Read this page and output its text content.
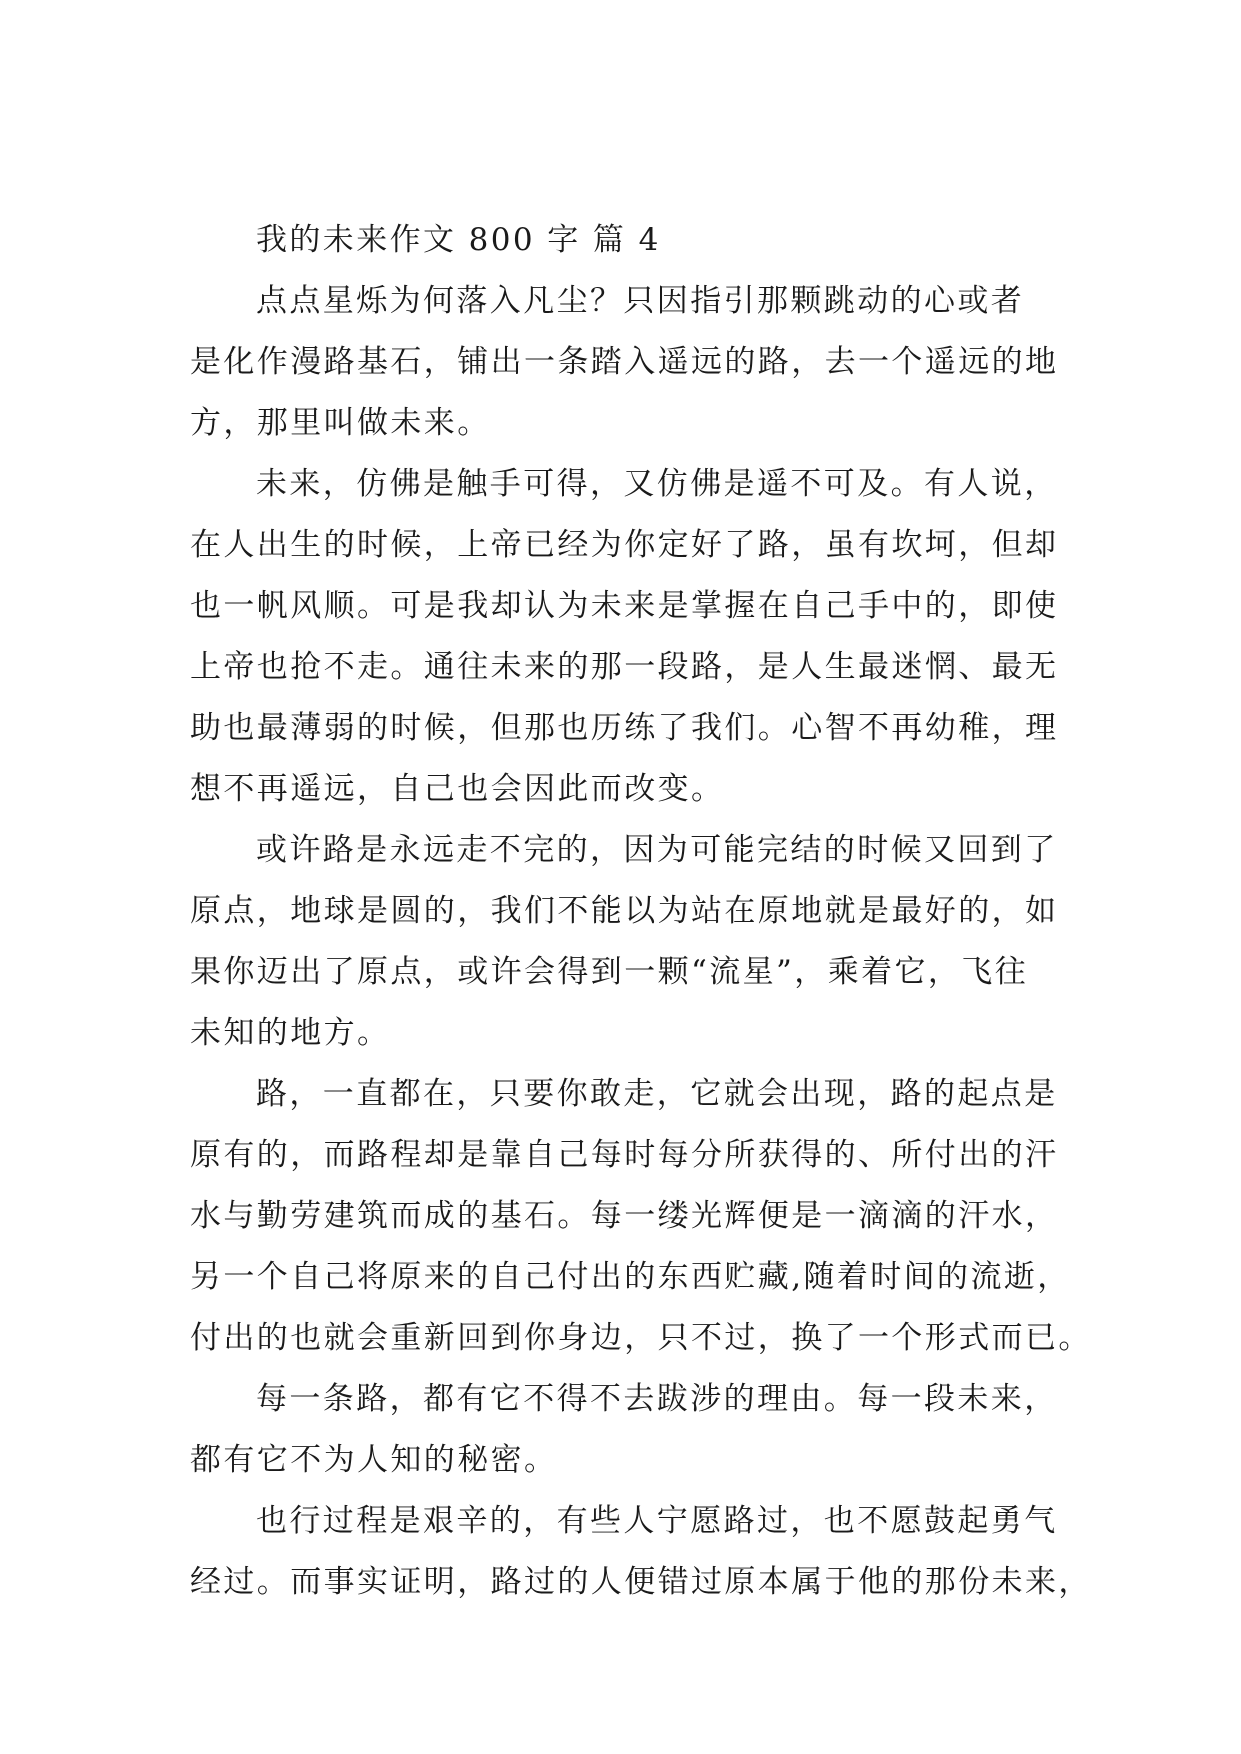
我的未来作文 800 字 篇 4
点点星烁为何落入凡尘？只因指引那颗跳动的心或者
是化作漫路基石，铺出一条踏入遥远的路，去一个遥远的地
方，那里叫做未来。
未来，仿佛是触手可得，又仿佛是遥不可及。有人说，
在人出生的时候，上帝已经为你定好了路，虽有坎坷，但却
也一帆风顺。可是我却认为未来是掌握在自己手中的，即使
上帝也抢不走。通往未来的那一段路，是人生最迷惘、最无
助也最薄弱的时候，但那也历练了我们。心智不再幼稚，理
想不再遥远，自己也会因此而改变。
或许路是永远走不完的，因为可能完结的时候又回到了
原点，地球是圆的，我们不能以为站在原地就是最好的，如
果你迈出了原点，或许会得到一颗“流星”，乘着它，飞往
未知的地方。
路，一直都在，只要你敢走，它就会出现，路的起点是
原有的，而路程却是靠自己每时每分所获得的、所付出的汗
水与勤劳建筑而成的基石。每一缕光辉便是一滴滴的汗水，
另一个自己将原来的自己付出的东西贮藏,随着时间的流逝，
付出的也就会重新回到你身边，只不过，换了一个形式而已。
每一条路，都有它不得不去跋涉的理由。每一段未来，
都有它不为人知的秘密。
也行过程是艰辛的，有些人宁愿路过，也不愿鼓起勇气
经过。而事实证明，路过的人便错过原本属于他的那份未来，
